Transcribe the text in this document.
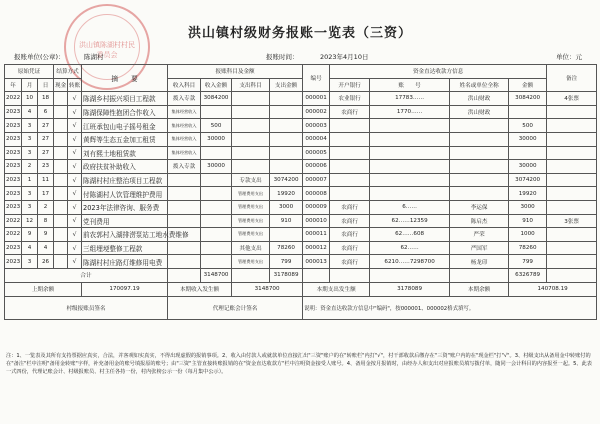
洪山镇村级财务报账一览表（三资）
洪山镇陈湖村村民委员会
报账单位(公章)：	陈湖村	报账时间：	2023年4月10日	单位：元
原始凭证			结算方式		摘　　要	报账科目及金额				编号	资金直达收款方信息				备注
年	月	日	现金	转账		收入科目	收入金额	支出科目	支出金额		开户银行	账　　号	姓名或单位全称	金额	
2022	10	18		√	陈湖乡村振兴项目工程款	拨入专款	3084200			000001	农业银行	17783……	洪山财政	3084200	4张票
2023	4	6		√	陈湖保障性抱团合作收入	集体经营收入				000002	农商行	1770……	洪山财政		
2023	3	27		√	江班承包山电子摇号租金	集体经营收入	500			000003				500	
2023	3	27		√	黄辉等生态五金加工租赁	集体经营收入	30000			000004				30000	
2023	3	27		√	刘有熙土地租赁款	集体经营收入				000005					
2023	2	23		√	政府扶贫补助收入	拨入专款	30000			000006				30000	
2023	1	11		√	陈湖村村庄整治项目工程款			专款支出	3074200	000007				3074200	
2023	3	17		√	付陈湖村人饮管理维护费用			管理费用支出	19920	000008				19920	
2023	3	2		√	2023年法律咨询、服务费			管理费用支出	3000	000009	农商行	6……	李运保	3000	
2022	12	8		√	党刊费用			管理费用支出	910	000010	农商行	62……12359	陈启杰	910	3张票
2022	9	9		√	前农郭村入湖排涝泵站工地水费维修			管理费用支出		000011	农商行	62……608	严荣	1000	
2023	4	4		√	三组埋埂整修工程款			其他支出	78260	000012	农商行	62……	严国军	78260	
2023	3	26		√	陈湖村村庄路灯维修用电费			管理费用支出	799	000013	农商行	6210……7298700	杨龙印	799	
合计							3148700		3178089					6326789	
上期余额					170097.19	本期收入发生额		3148700		本期支出发生额		3178089	本期余额	140708.19	
村级报账员签名						代理记账会计签名				说明：资金直达收款方信息中"编码"，按000001、000002格式填写。					
注：1、一览表及其所有支持票据应真实，合法，并客观如实真实，不得出现虚假的报销事项。2、收入由付款人或就款单位直接汇出"三资"账户的在"转账栏"内打"√"，村干部收款后缴存在"三资"账户内的在"现金栏"打"√"。3、村级支出从备用金中转账付的在"备注"栏中注明"备用金转账"字样，补充备用金的账号填报原的账号；由"三资"主管直接转账报销的在"资金直达收款方"栏中注明资金接受人账号。4、备用金按月报销时，由经办人和支出对应报账员填写拨付单，随同一会计科目的内容报至一起。5、此表一式四份，代理记账会计、村级报账员、村主任各持一份，村内张榜公示一份（每月集中公示）。
